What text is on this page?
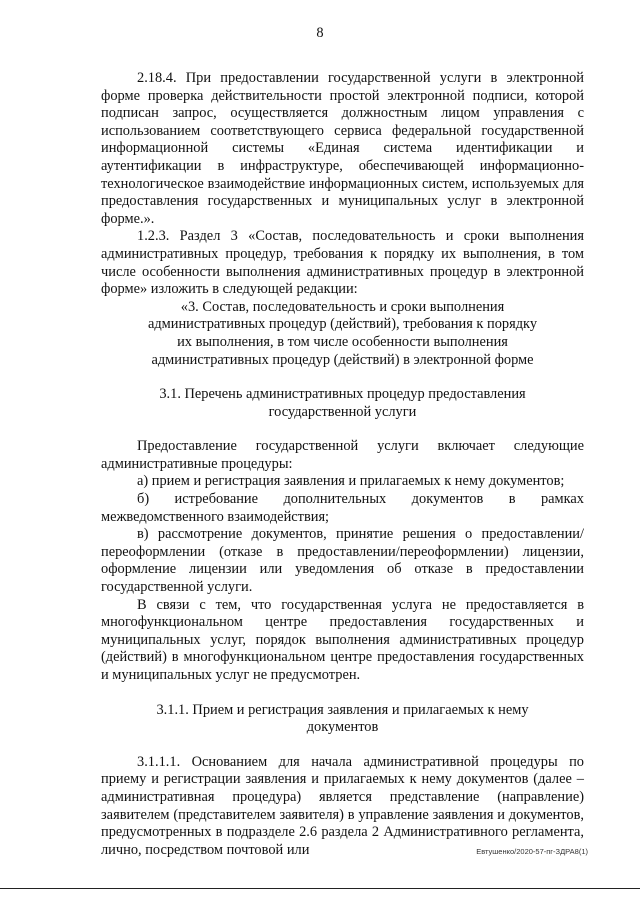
8

2.18.4. При предоставлении государственной услуги в электронной форме проверка действительности простой электронной подписи, которой подписан запрос, осуществляется должностным лицом управления с использованием соответствующего сервиса федеральной государственной информационной системы «Единая система идентификации и аутентификации в инфраструктуре, обеспечивающей информационно-технологическое взаимодействие информационных систем, используемых для предоставления государственных и муниципальных услуг в электронной форме.».

1.2.3. Раздел 3 «Состав, последовательность и сроки выполнения административных процедур, требования к порядку их выполнения, в том числе особенности выполнения административных процедур в электронной форме» изложить в следующей редакции:

«3. Состав, последовательность и сроки выполнения

административных процедур (действий), требования к порядку

их выполнения, в том числе особенности выполнения

административных процедур (действий) в электронной форме

3.1. Перечень административных процедур предоставления

государственной услуги

Предоставление государственной услуги включает следующие административные процедуры:

а) прием и регистрация заявления и прилагаемых к нему документов;

б) истребование дополнительных документов в рамках межведомственного взаимодействия;

в) рассмотрение документов, принятие решения о предоставлении/ переоформлении (отказе в предоставлении/переоформлении) лицензии, оформление лицензии или уведомления об отказе в предоставлении государственной услуги.

В связи с тем, что государственная услуга не предоставляется в многофункциональном центре предоставления государственных и муниципальных услуг, порядок выполнения административных процедур (действий) в многофункциональном центре предоставления государственных и муниципальных услуг не предусмотрен.

3.1.1. Прием и регистрация заявления и прилагаемых к нему

документов

3.1.1.1. Основанием для начала административной процедуры по приему и регистрации заявления и прилагаемых к нему документов (далее – административная процедура) является представление (направление) заявителем (представителем заявителя) в управление заявления и документов, предусмотренных в подразделе 2.6 раздела 2 Административного регламента, лично, посредством почтовой или	Евтушенко/2020-57-пг-ЗДРА8(1)
